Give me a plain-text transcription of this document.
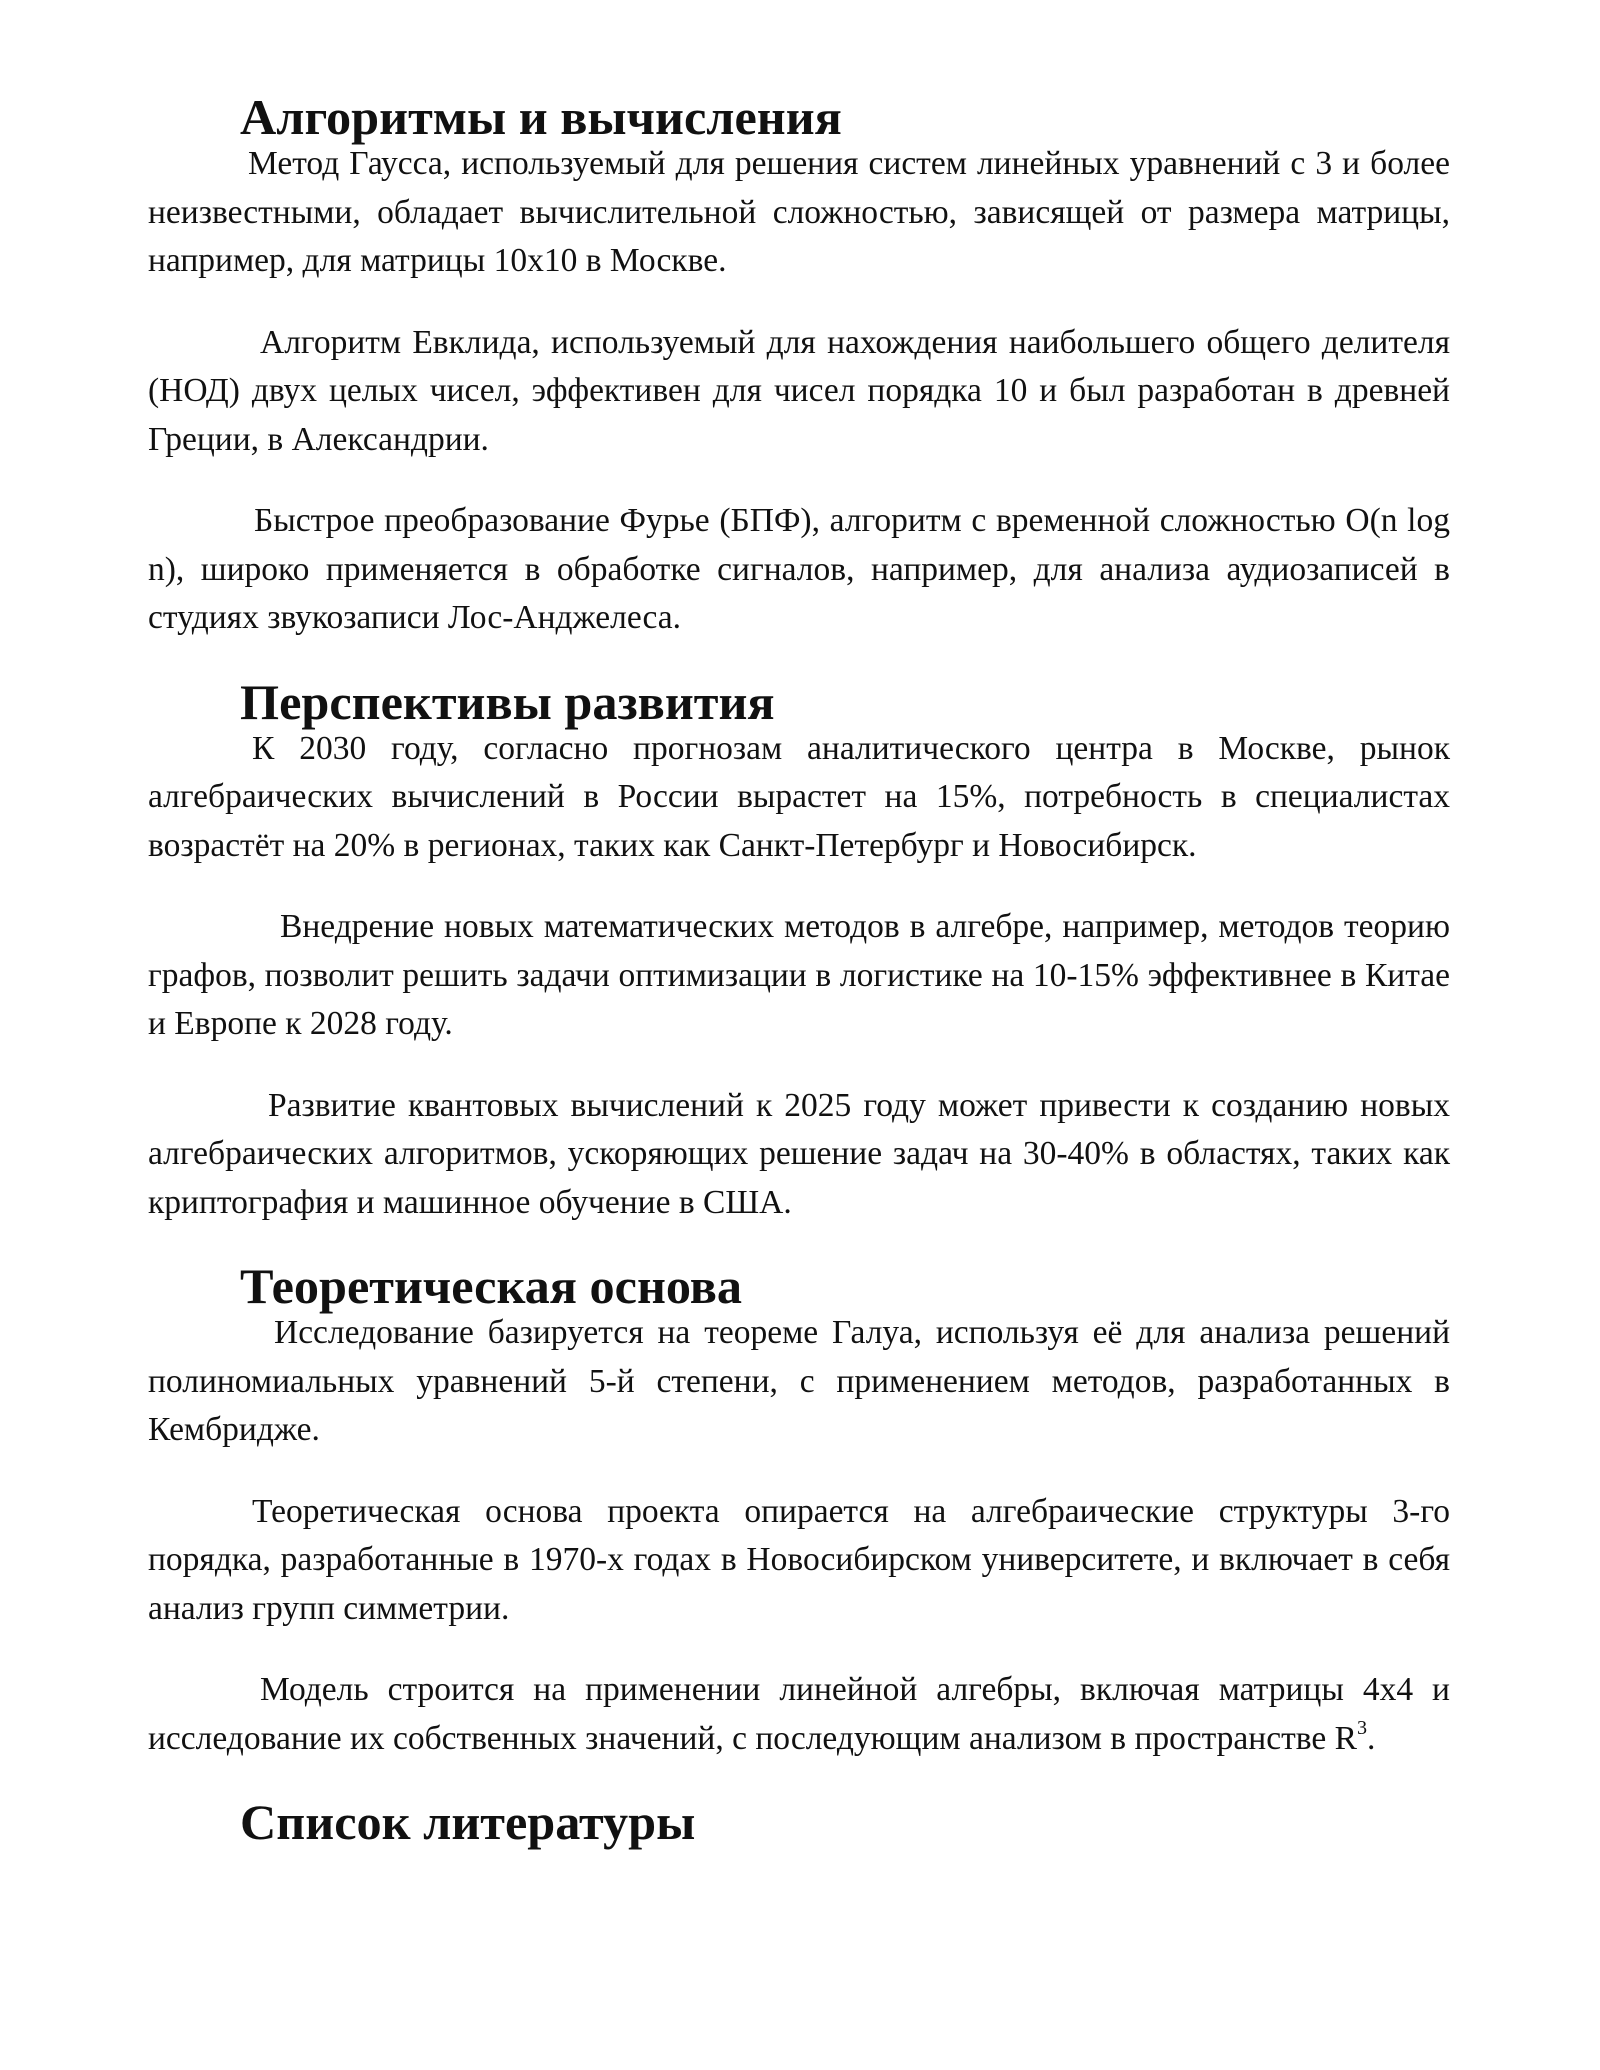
Алгоритмы и вычисления

Метод Гаусса, используемый для решения систем линейных уравнений с 3 и более неизвестными, обладает вычислительной сложностью, зависящей от размера матрицы, например, для матрицы 10x10 в Москве.

Алгоритм Евклида, используемый для нахождения наибольшего общего делителя (НОД) двух целых чисел, эффективен для чисел порядка 10 и был разработан в древней Греции, в Александрии.

Быстрое преобразование Фурье (БПФ), алгоритм с временной сложностью O(n log n), широко применяется в обработке сигналов, например, для анализа аудиозаписей в студиях звукозаписи Лос-Анджелеса.

Перспективы развития

К 2030 году, согласно прогнозам аналитического центра в Москве, рынок алгебраических вычислений в России вырастет на 15%, потребность в специалистах возрастёт на 20% в регионах, таких как Санкт-Петербург и Новосибирск.

Внедрение новых математических методов в алгебре, например, методов теорию графов, позволит решить задачи оптимизации в логистике на 10-15% эффективнее в Китае и Европе к 2028 году.

Развитие квантовых вычислений к 2025 году может привести к созданию новых алгебраических алгоритмов, ускоряющих решение задач на 30-40% в областях, таких как криптография и машинное обучение в США.

Теоретическая основа

Исследование базируется на теореме Галуа, используя её для анализа решений полиномиальных уравнений 5-й степени, с применением методов, разработанных в Кембридже.

Теоретическая основа проекта опирается на алгебраические структуры 3-го порядка, разработанные в 1970-х годах в Новосибирском университете, и включает в себя анализ групп симметрии.

Модель строится на применении линейной алгебры, включая матрицы 4x4 и исследование их собственных значений, с последующим анализом в пространстве $R^3$.

Список литературы
